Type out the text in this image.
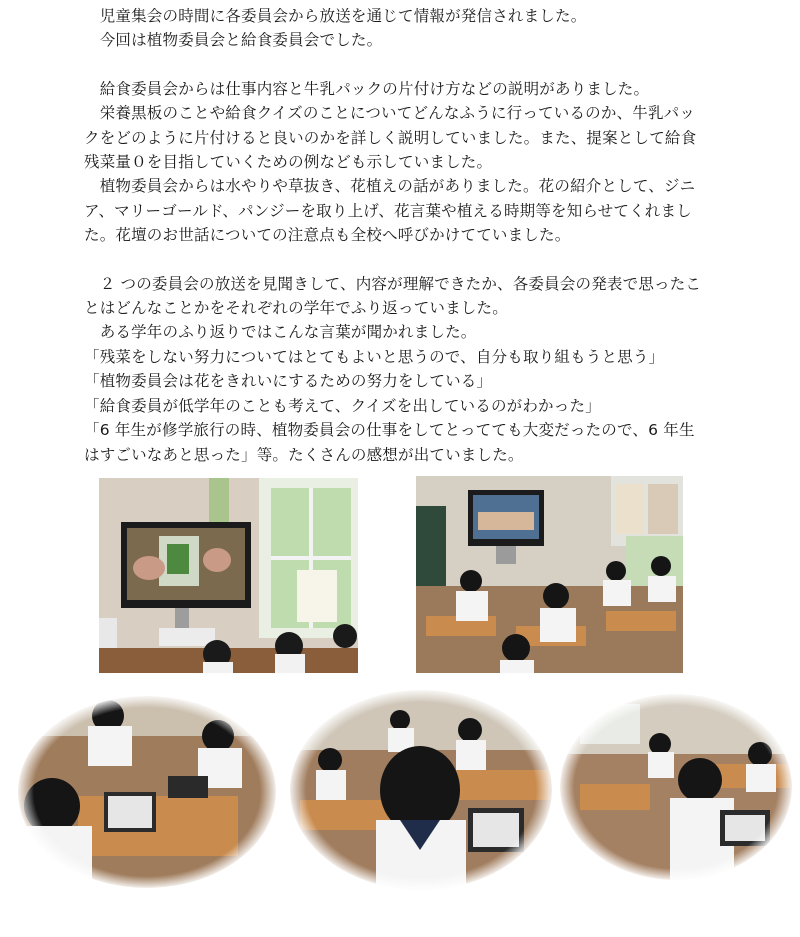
　児童集会の時間に各委員会から放送を通じて情報が発信されました。

　今回は植物委員会と給食委員会でした。

　給食委員会からは仕事内容と牛乳パックの片付け方などの説明がありました。

　栄養黒板のことや給食クイズのことについてどんなふうに行っているのか、牛乳パックをどのように片付けると良いのかを詳しく説明していました。また、提案として給食残菜量０を目指していくための例なども示していました。

　植物委員会からは水やりや草抜き、花植えの話がありました。花の紹介として、ジニア、マリーゴールド、パンジーを取り上げ、花言葉や植える時期等を知らせてくれました。花壇のお世話についての注意点も全校へ呼びかけてていました。

　２ つの委員会の放送を見聞きして、内容が理解できたか、各委員会の発表で思ったことはどんなことかをそれぞれの学年でふり返っていました。

　ある学年のふり返りではこんな言葉が聞かれました。

「残菜をしない努力についてはとてもよいと思うので、自分も取り組もうと思う」

「植物委員会は花をきれいにするための努力をしている」

「給食委員が低学年のことも考えて、クイズを出しているのがわかった」

「6 年生が修学旅行の時、植物委員会の仕事をしてとってても大変だったので、6 年生はすごいなあと思った」等。たくさんの感想が出ていました。
